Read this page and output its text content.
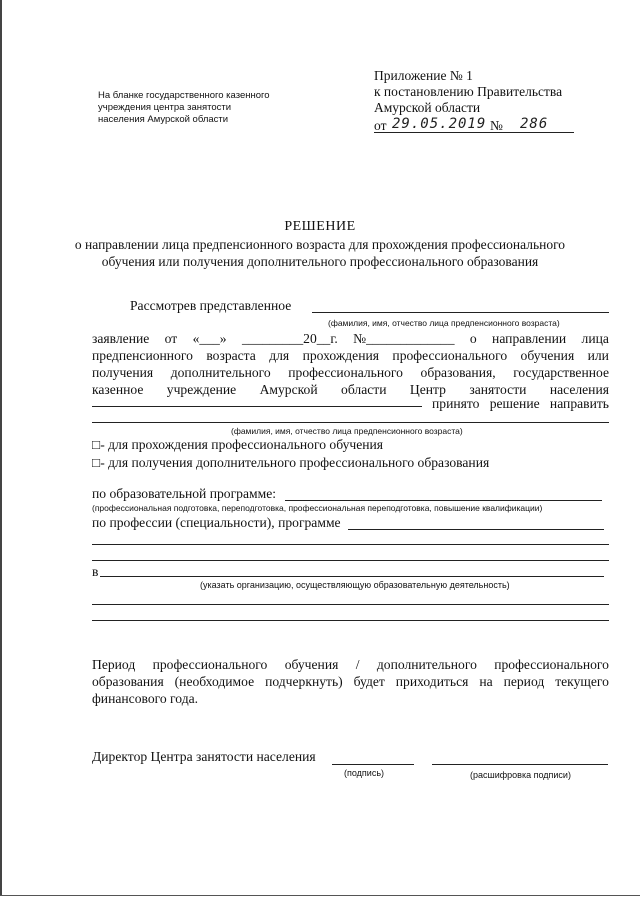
На бланке государственного казенного
учреждения центра занятости
населения Амурской области
Приложение № 1
к постановлению Правительства
Амурской области
от 29.05.2019 № 286
РЕШЕНИЕ
о направлении лица предпенсионного возраста для прохождения профессионального
обучения или получения дополнительного профессионального образования
Рассмотрев представленное
(фамилия, имя, отчество лица предпенсионного возраста)
заявление от «___» _________20__г. №_____________ о направлении лица
предпенсионного возраста для прохождения профессионального обучения или
получения дополнительного профессионального образования, государственное
казенное учреждение Амурской области Центр занятости населения
принято решение направить
(фамилия, имя, отчество лица предпенсионного возраста)
□- для прохождения профессионального обучения
□- для получения дополнительного профессионального образования
по образовательной программе:
(профессиональная подготовка, переподготовка, профессиональная переподготовка, повышение квалификации)
по профессии (специальности), программе
в
(указать организацию, осуществляющую образовательную деятельность)
Период профессионального обучения / дополнительного профессионального
образования (необходимое подчеркнуть) будет приходиться на период текущего
финансового года.
Директор Центра занятости населения
(подпись)	(расшифровка подписи)
